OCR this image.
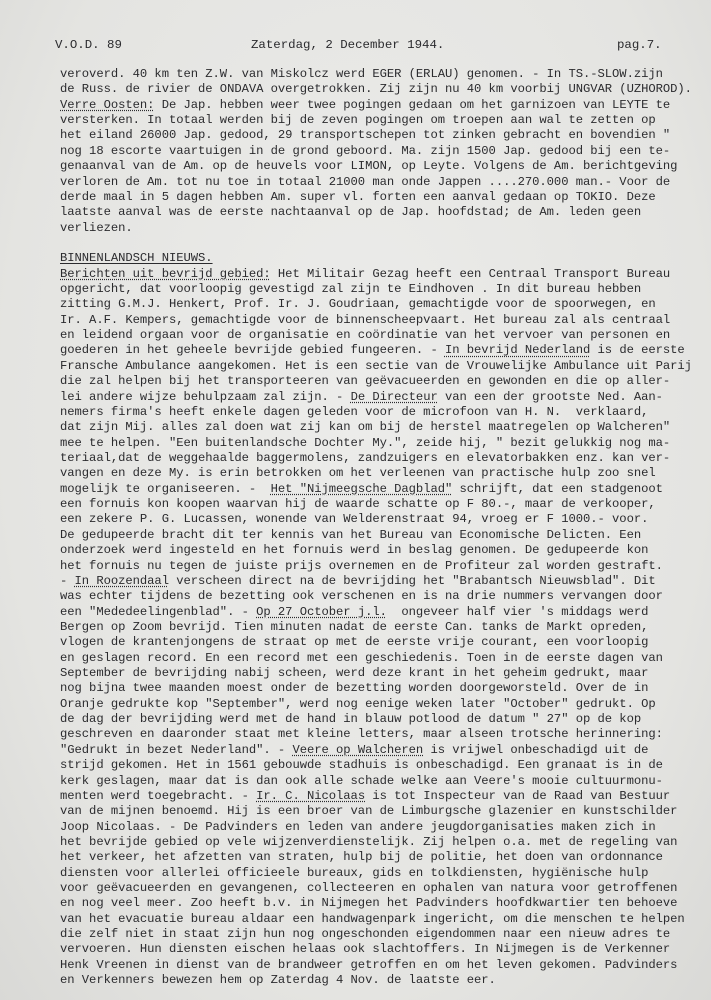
V.O.D. 89	Zaterdag, 2 December 1944.	pag.7.
veroverd. 40 km ten Z.W. van Miskolcz werd EGER (ERLAU) genomen. - In TS.-SLOW.zijn
de Russ. de rivier de ONDAVA overgetrokken. Zij zijn nu 40 km voorbij UNGVAR (UZHOROD).
Verre Oosten: De Jap. hebben weer twee pogingen gedaan om het garnizoen van LEYTE te
versterken. In totaal werden bij de zeven pogingen om troepen aan wal te zetten op
het eiland 26000 Jap. gedood, 29 transportschepen tot zinken gebracht en bovendien "
nog 18 escorte vaartuigen in de grond geboord. Ma. zijn 1500 Jap. gedood bij een te-
genaanval van de Am. op de heuvels voor LIMON, op Leyte. Volgens de Am. berichtgeving
verloren de Am. tot nu toe in totaal 21000 man onde Jappen ....270.000 man.- Voor de
derde maal in 5 dagen hebben Am. super vl. forten een aanval gedaan op TOKIO. Deze
laatste aanval was de eerste nachtaanval op de Jap. hoofdstad; de Am. leden geen
verliezen.
BINNENLANDSCH NIEUWS.
Berichten uit bevrijd gebied: Het Militair Gezag heeft een Centraal Transport Bureau
opgericht, dat voorloopig gevestigd zal zijn te Eindhoven . In dit bureau hebben
zitting G.M.J. Henkert, Prof. Ir. J. Goudriaan, gemachtigde voor de spoorwegen, en
Ir. A.F. Kempers, gemachtigde voor de binnenscheepvaart. Het bureau zal als centraal
en leidend orgaan voor de organisatie en coördinatie van het vervoer van personen en
goederen in het geheele bevrijde gebied fungeeren. - In bevrijd Nederland is de eerste
Fransche Ambulance aangekomen. Het is een sectie van de Vrouwelijke Ambulance uit Parij
die zal helpen bij het transporteeren van geëvacueerden en gewonden en die op aller-
lei andere wijze behulpzaam zal zijn. - De Directeur van een der grootste Ned. Aan-
nemers firma's heeft enkele dagen geleden voor de microfoon van H. N.  verklaard,
dat zijn Mij. alles zal doen wat zij kan om bij de herstel maatregelen op Walcheren"
mee te helpen. "Een buitenlandsche Dochter My.", zeide hij, " bezit gelukkig nog ma-
teriaal,dat de weggehaalde baggermolens, zandzuigers en elevatorbakken enz. kan ver-
vangen en deze My. is erin betrokken om het verleenen van practische hulp zoo snel
mogelijk te organiseeren. -  Het "Nijmeegsche Dagblad" schrijft, dat een stadgenoot
een fornuis kon koopen waarvan hij de waarde schatte op F 80.-, maar de verkooper,
een zekere P. G. Lucassen, wonende van Welderenstraat 94, vroeg er F 1000.- voor.
De gedupeerde bracht dit ter kennis van het Bureau van Economische Delicten. Een
onderzoek werd ingesteld en het fornuis werd in beslag genomen. De gedupeerde kon
het fornuis nu tegen de juiste prijs overnemen en de Profiteur zal worden gestraft.
- In Roozendaal verscheen direct na de bevrijding het "Brabantsch Nieuwsblad". Dit
was echter tijdens de bezetting ook verschenen en is na drie nummers vervangen door
een "Mededeelingenblad". - Op 27 October j.l.  ongeveer half vier 's middags werd
Bergen op Zoom bevrijd. Tien minuten nadat de eerste Can. tanks de Markt opreden,
vlogen de krantenjongens de straat op met de eerste vrije courant, een voorloopig
en geslagen record. En een record met een geschiedenis. Toen in de eerste dagen van
September de bevrijding nabij scheen, werd deze krant in het geheim gedrukt, maar
nog bijna twee maanden moest onder de bezetting worden doorgeworsteld. Over de in
Oranje gedrukte kop "September", werd nog eenige weken later "October" gedrukt. Op
de dag der bevrijding werd met de hand in blauw potlood de datum " 27" op de kop
geschreven en daaronder staat met kleine letters, maar alseen trotsche herinnering:
"Gedrukt in bezet Nederland". - Veere op Walcheren is vrijwel onbeschadigd uit de
strijd gekomen. Het in 1561 gebouwde stadhuis is onbeschadigd. Een granaat is in de
kerk geslagen, maar dat is dan ook alle schade welke aan Veere's mooie cultuurmonu-
menten werd toegebracht. - Ir. C. Nicolaas is tot Inspecteur van de Raad van Bestuur
van de mijnen benoemd. Hij is een broer van de Limburgsche glazenier en kunstschilder
Joop Nicolaas. - De Padvinders en leden van andere jeugdorganisaties maken zich in
het bevrijde gebied op vele wijzenverdienstelijk. Zij helpen o.a. met de regeling van
het verkeer, het afzetten van straten, hulp bij de politie, het doen van ordonnance
diensten voor allerlei officieele bureaux, gids en tolkdiensten, hygiënische hulp
voor geëvacueerden en gevangenen, collecteeren en ophalen van natura voor getroffenen
en nog veel meer. Zoo heeft b.v. in Nijmegen het Padvinders hoofdkwartier ten behoeve
van het evacuatie bureau aldaar een handwagenpark ingericht, om die menschen te helpen
die zelf niet in staat zijn hun nog ongeschonden eigendommen naar een nieuw adres te
vervoeren. Hun diensten eischen helaas ook slachtoffers. In Nijmegen is de Verkenner
Henk Vreenen in dienst van de brandweer getroffen en om het leven gekomen. Padvinders
en Verkenners bewezen hem op Zaterdag 4 Nov. de laatste eer.
